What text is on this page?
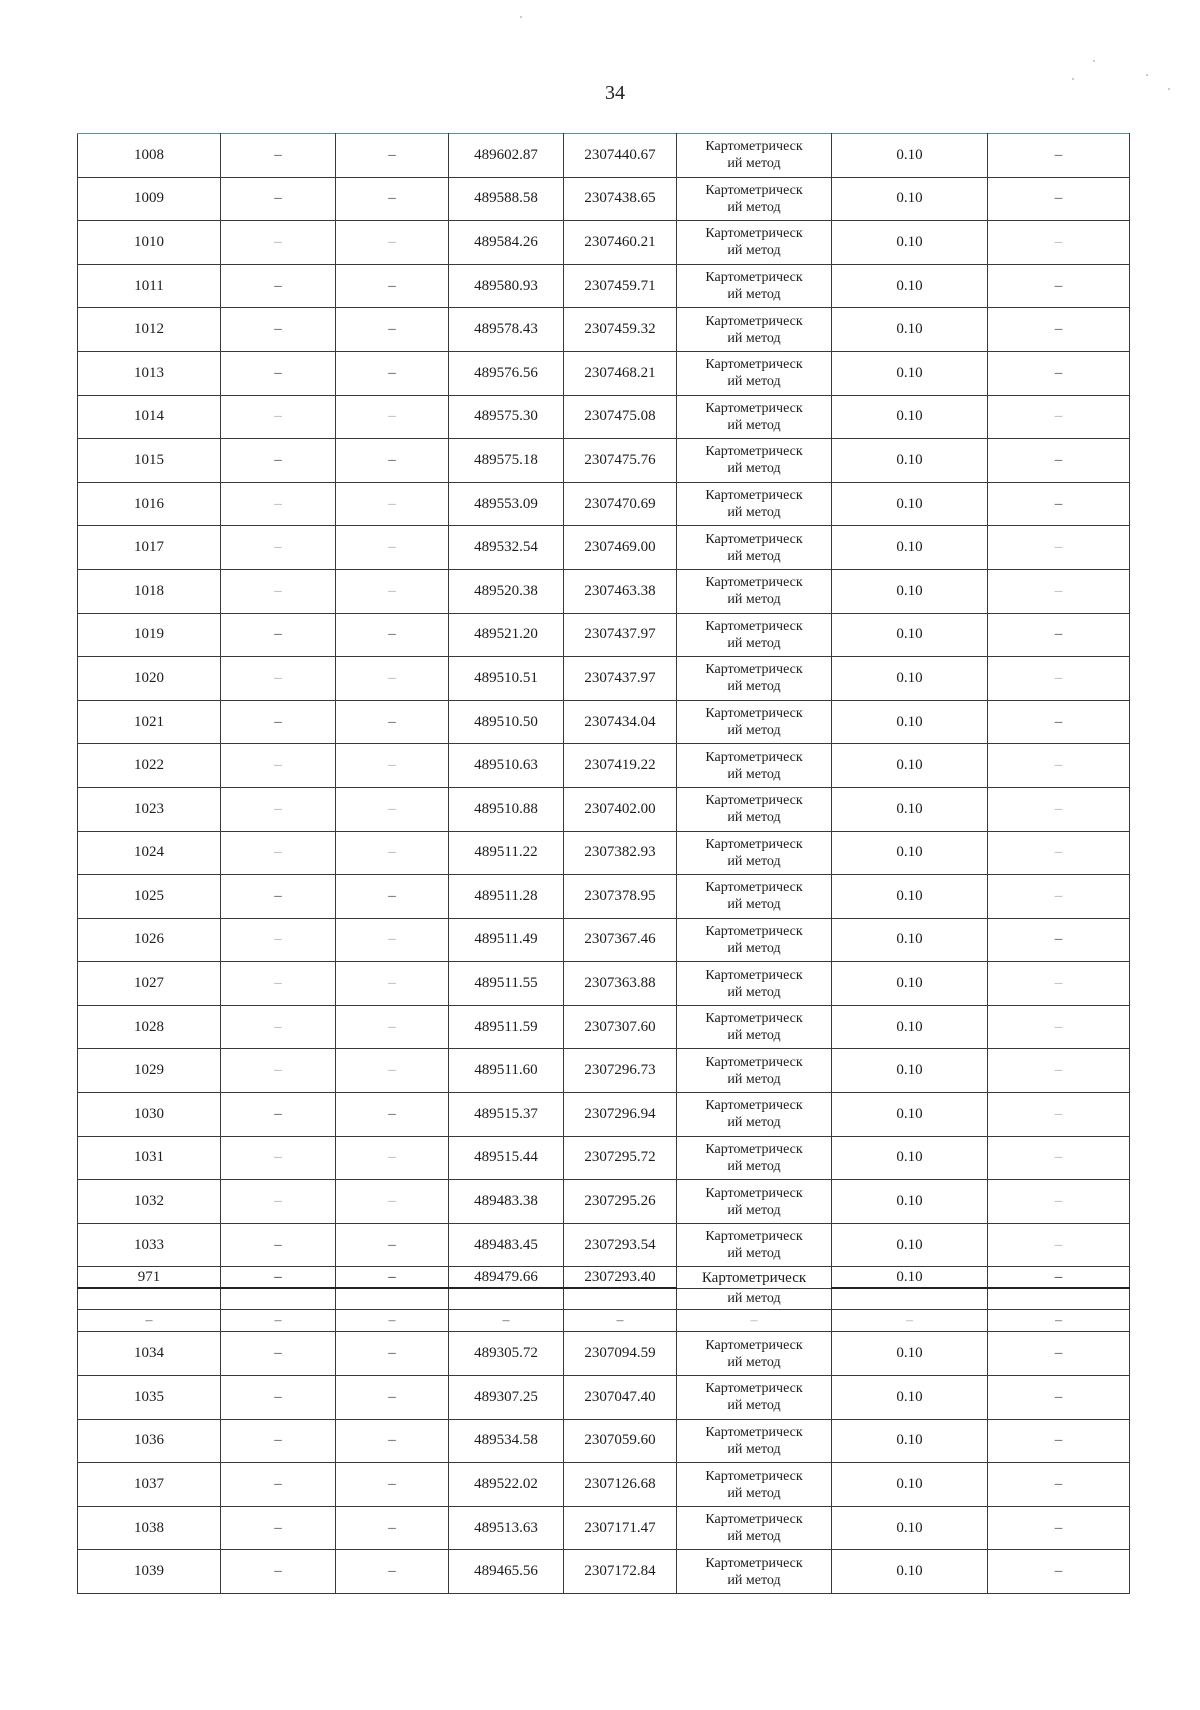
34
1008	–	–	489602.87	2307440.67	Картометрическ
ий метод	0.10	–
1009	–	–	489588.58	2307438.65	Картометрическ
ий метод	0.10	–
1010	–	–	489584.26	2307460.21	Картометрическ
ий метод	0.10	–
1011	–	–	489580.93	2307459.71	Картометрическ
ий метод	0.10	–
1012	–	–	489578.43	2307459.32	Картометрическ
ий метод	0.10	–
1013	–	–	489576.56	2307468.21	Картометрическ
ий метод	0.10	–
1014	–	–	489575.30	2307475.08	Картометрическ
ий метод	0.10	–
1015	–	–	489575.18	2307475.76	Картометрическ
ий метод	0.10	–
1016	–	–	489553.09	2307470.69	Картометрическ
ий метод	0.10	–
1017	–	–	489532.54	2307469.00	Картометрическ
ий метод	0.10	–
1018	–	–	489520.38	2307463.38	Картометрическ
ий метод	0.10	–
1019	–	–	489521.20	2307437.97	Картометрическ
ий метод	0.10	–
1020	–	–	489510.51	2307437.97	Картометрическ
ий метод	0.10	–
1021	–	–	489510.50	2307434.04	Картометрическ
ий метод	0.10	–
1022	–	–	489510.63	2307419.22	Картометрическ
ий метод	0.10	–
1023	–	–	489510.88	2307402.00	Картометрическ
ий метод	0.10	–
1024	–	–	489511.22	2307382.93	Картометрическ
ий метод	0.10	–
1025	–	–	489511.28	2307378.95	Картометрическ
ий метод	0.10	–
1026	–	–	489511.49	2307367.46	Картометрическ
ий метод	0.10	–
1027	–	–	489511.55	2307363.88	Картометрическ
ий метод	0.10	–
1028	–	–	489511.59	2307307.60	Картометрическ
ий метод	0.10	–
1029	–	–	489511.60	2307296.73	Картометрическ
ий метод	0.10	–
1030	–	–	489515.37	2307296.94	Картометрическ
ий метод	0.10	–
1031	–	–	489515.44	2307295.72	Картометрическ
ий метод	0.10	–
1032	–	–	489483.38	2307295.26	Картометрическ
ий метод	0.10	–
1033	–	–	489483.45	2307293.54	Картометрическ
ий метод	0.10	–
971	–	–	489479.66	2307293.40	Картометрическ	0.10	–
					ий метод		
–	–	–	–	–	–	–	–
1034	–	–	489305.72	2307094.59	Картометрическ
ий метод	0.10	–
1035	–	–	489307.25	2307047.40	Картометрическ
ий метод	0.10	–
1036	–	–	489534.58	2307059.60	Картометрическ
ий метод	0.10	–
1037	–	–	489522.02	2307126.68	Картометрическ
ий метод	0.10	–
1038	–	–	489513.63	2307171.47	Картометрическ
ий метод	0.10	–
1039	–	–	489465.56	2307172.84	Картометрическ
ий метод	0.10	–
